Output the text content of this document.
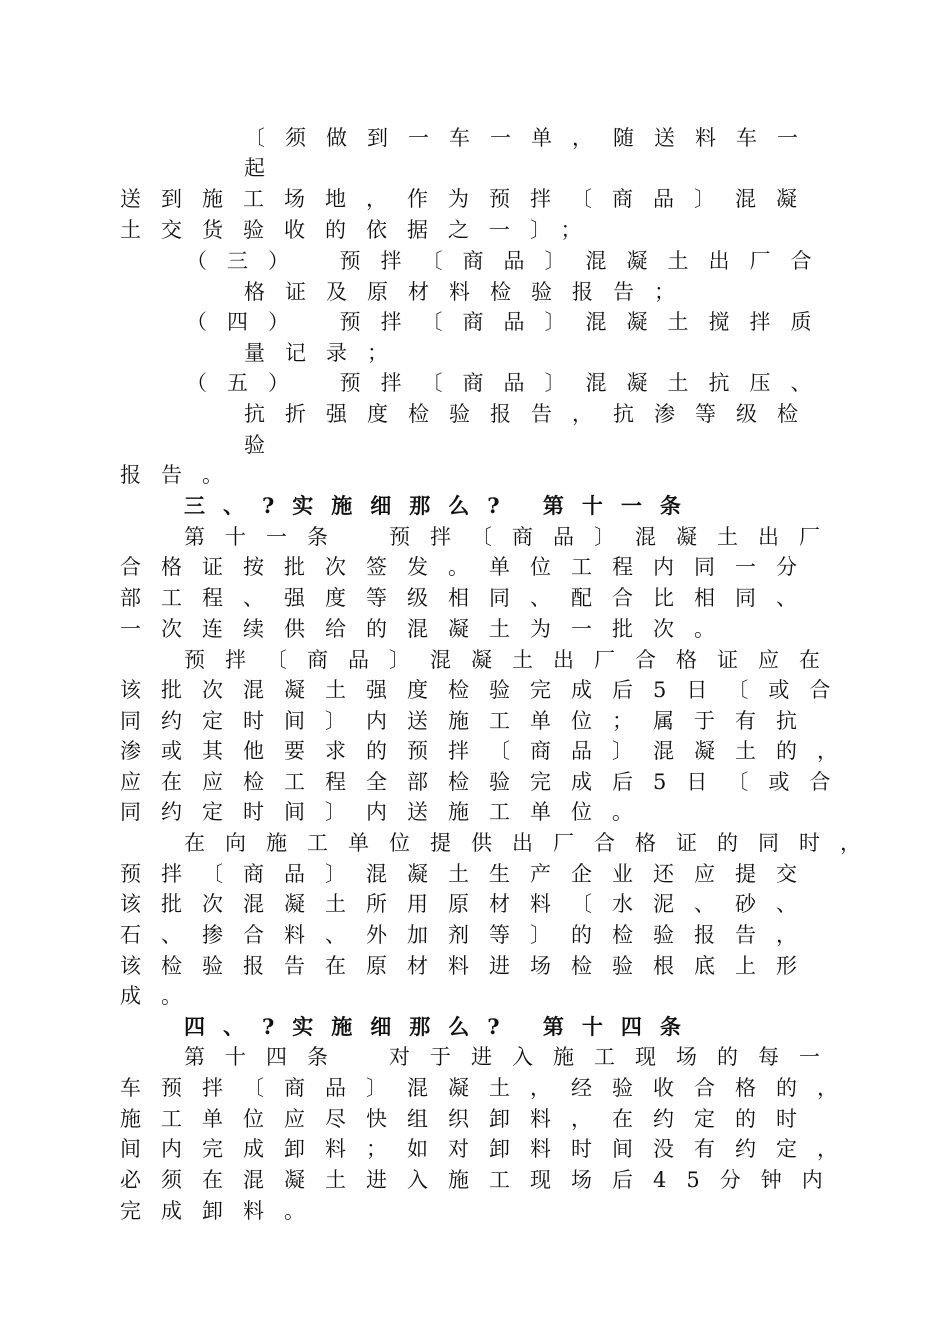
〔须做到一车一单，随送料车一
起
送到施工场地，作为预拌〔商品〕混凝
土交货验收的依据之一〕；
（三）　预拌〔商品〕混凝土出厂合
格证及原材料检验报告；
（四）　预拌〔商品〕混凝土搅拌质
量记录；
（五）　预拌〔商品〕混凝土抗压、
抗折强度检验报告，抗渗等级检
验
报告。
三、?实施细那么? 第十一条
第十一条　预拌〔商品〕混凝土出厂
合格证按批次签发。单位工程内同一分
部工程、强度等级相同、配合比相同、
一次连续供给的混凝土为一批次。
预拌〔商品〕混凝土出厂合格证应在
该批次混凝土强度检验完成后5日〔或合
同约定时间〕内送施工单位；属于有抗
渗或其他要求的预拌〔商品〕混凝土的，
应在应检工程全部检验完成后5日〔或合
同约定时间〕内送施工单位。
在向施工单位提供出厂合格证的同时，
预拌〔商品〕混凝土生产企业还应提交
该批次混凝土所用原材料〔水泥、砂、
石、掺合料、外加剂等〕的检验报告，
该检验报告在原材料进场检验根底上形
成。
四、?实施细那么? 第十四条
第十四条　对于进入施工现场的每一
车预拌〔商品〕混凝土，经验收合格的，
施工单位应尽快组织卸料，在约定的时
间内完成卸料；如对卸料时间没有约定，
必须在混凝土进入施工现场后45分钟内
完成卸料。
